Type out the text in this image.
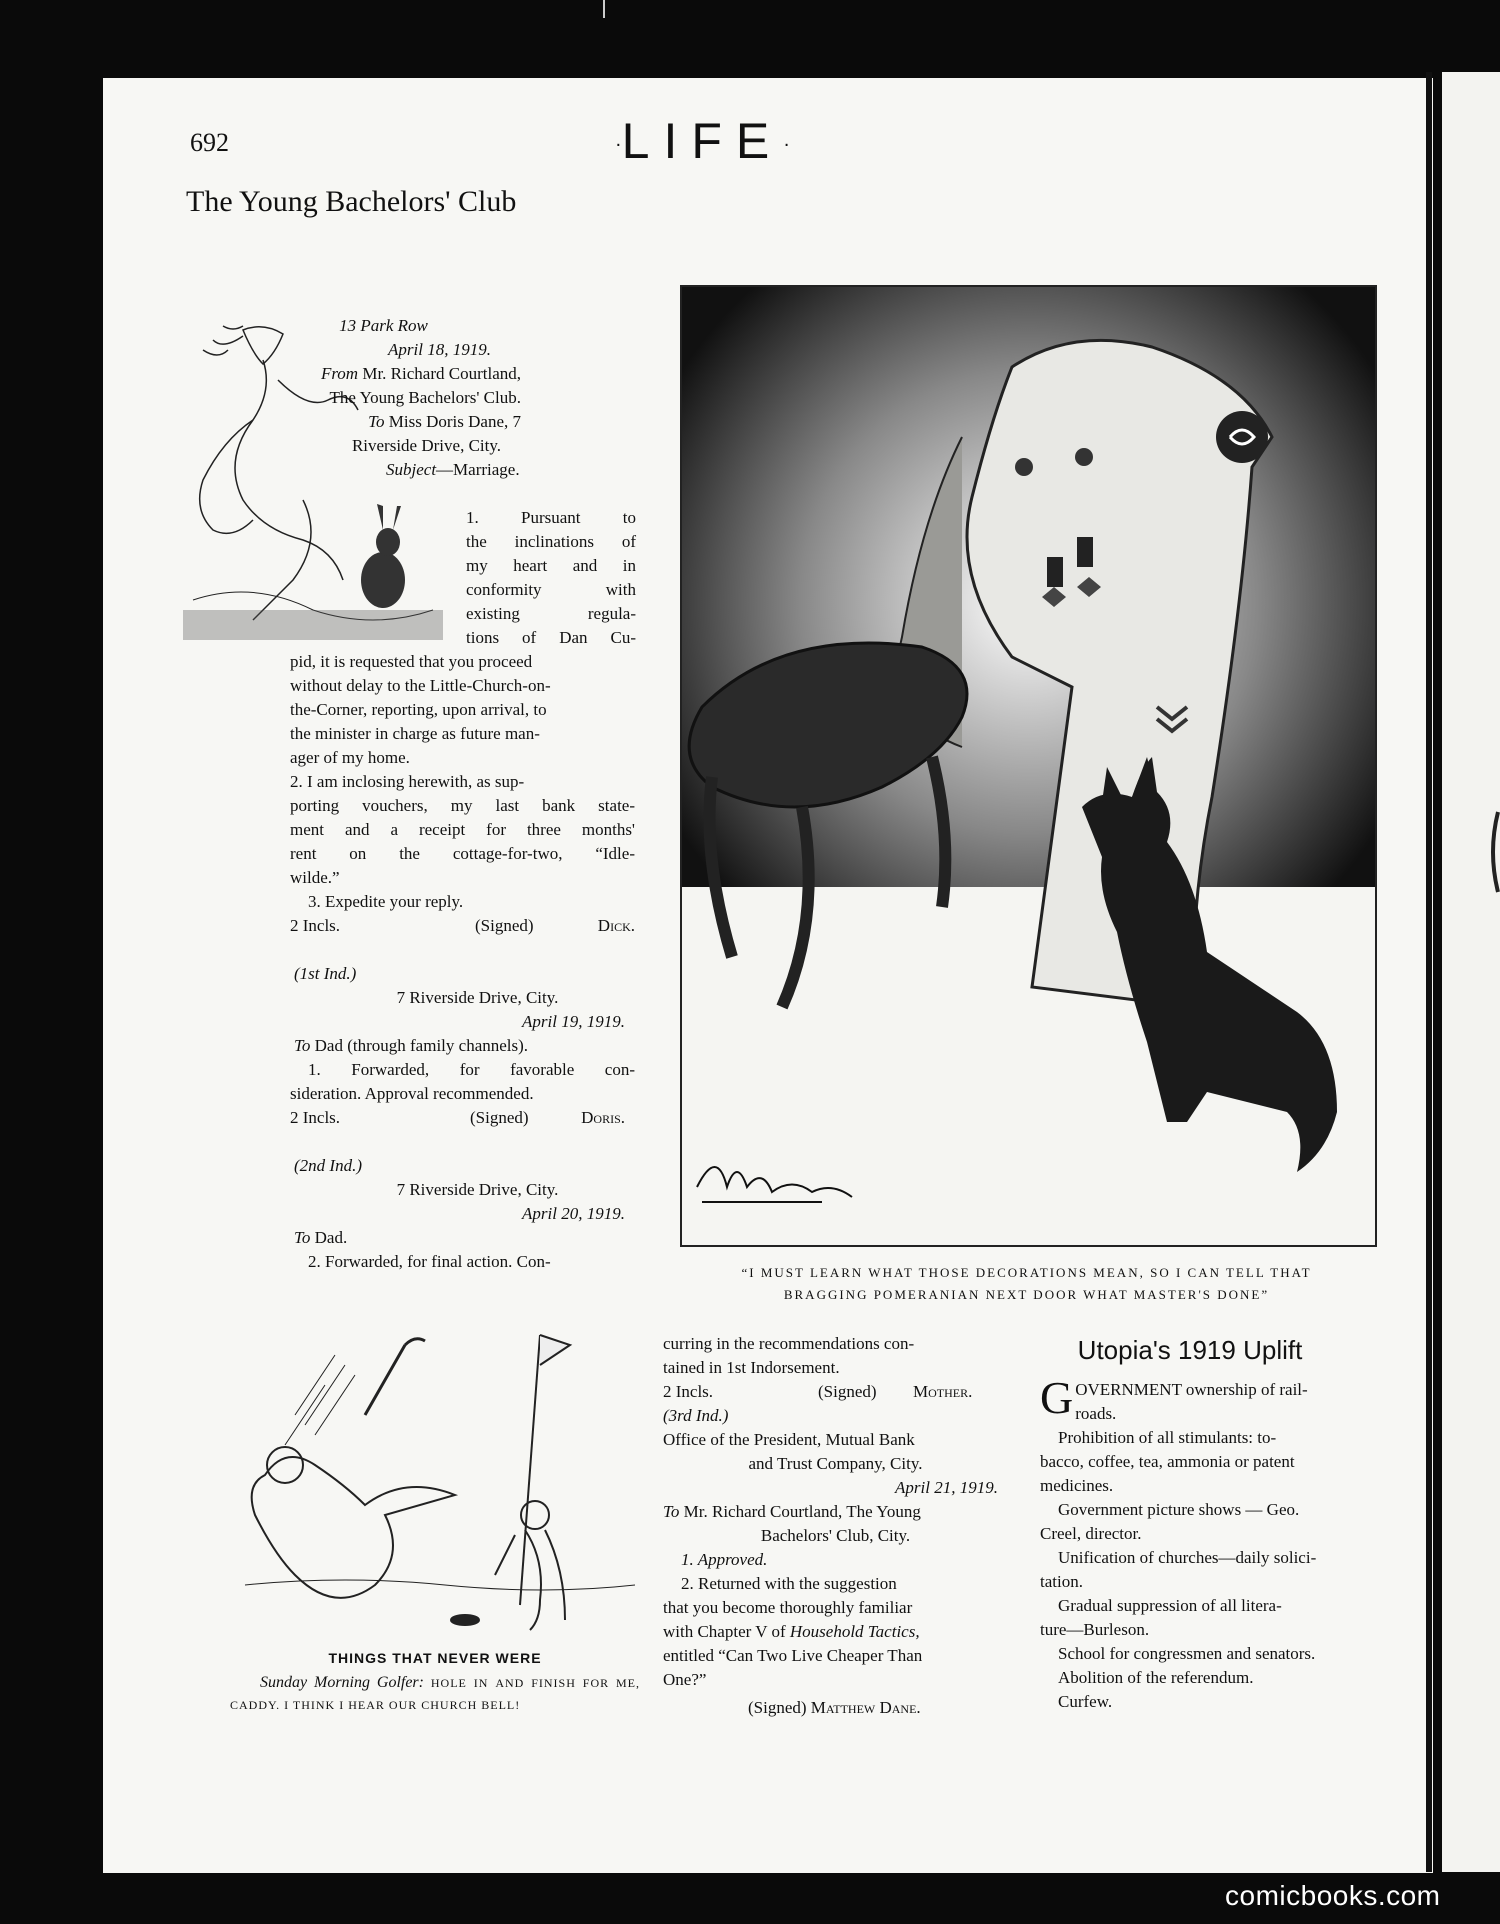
692	·LIFE·
The Young Bachelors' Club
13 Park Row
April 18, 1919.
From Mr. Richard Courtland,
The Young Bachelors' Club.
To Miss Doris Dane, 7
Riverside Drive, City.
Subject—Marriage.
1. Pursuant to
the inclinations of
my heart and in
conformity with
existing regula-
tions of Dan Cu-
pid, it is requested that you proceed
without delay to the Little-Church-on-
the-Corner, reporting, upon arrival, to
the minister in charge as future man-
ager of my home.
2. I am inclosing herewith, as sup-
porting vouchers, my last bank state-
ment and a receipt for three months'
rent on the cottage-for-two, “Idle-
wilde.”
3. Expedite your reply.
2 Incls.	(Signed)	Dick.
(1st Ind.)
7 Riverside Drive, City.
April 19, 1919.
To Dad (through family channels).
1. Forwarded, for favorable con-
sideration. Approval recommended.
2 Incls.	(Signed)	Doris.
(2nd Ind.)
7 Riverside Drive, City.
April 20, 1919.
To Dad.
2. Forwarded, for final action. Con-
“I MUST LEARN WHAT THOSE DECORATIONS MEAN, SO I CAN TELL THAT
BRAGGING POMERANIAN NEXT DOOR WHAT MASTER'S DONE”
THINGS THAT NEVER WERE
Sunday Morning Golfer: HOLE IN AND FINISH FOR ME, CADDY. I THINK I HEAR OUR CHURCH BELL!
curring in the recommendations con-
tained in 1st Indorsement.
2 Incls.	(Signed) Mother.
(3rd Ind.)
Office of the President, Mutual Bank
and Trust Company, City.
April 21, 1919.
To Mr. Richard Courtland, The Young
Bachelors' Club, City.
1. Approved.
2. Returned with the suggestion
that you become thoroughly familiar
with Chapter V of Household Tactics,
entitled “Can Two Live Cheaper Than
One?”
(Signed) Matthew Dane.
Utopia's 1919 Uplift
G OVERNMENT ownership of rail-
roads.
Prohibition of all stimulants: to-
bacco, coffee, tea, ammonia or patent
medicines.
Government picture shows — Geo.
Creel, director.
Unification of churches—daily solici-
tation.
Gradual suppression of all litera-
ture—Burleson.
School for congressmen and senators.
Abolition of the referendum.
Curfew.
comicbooks.com
